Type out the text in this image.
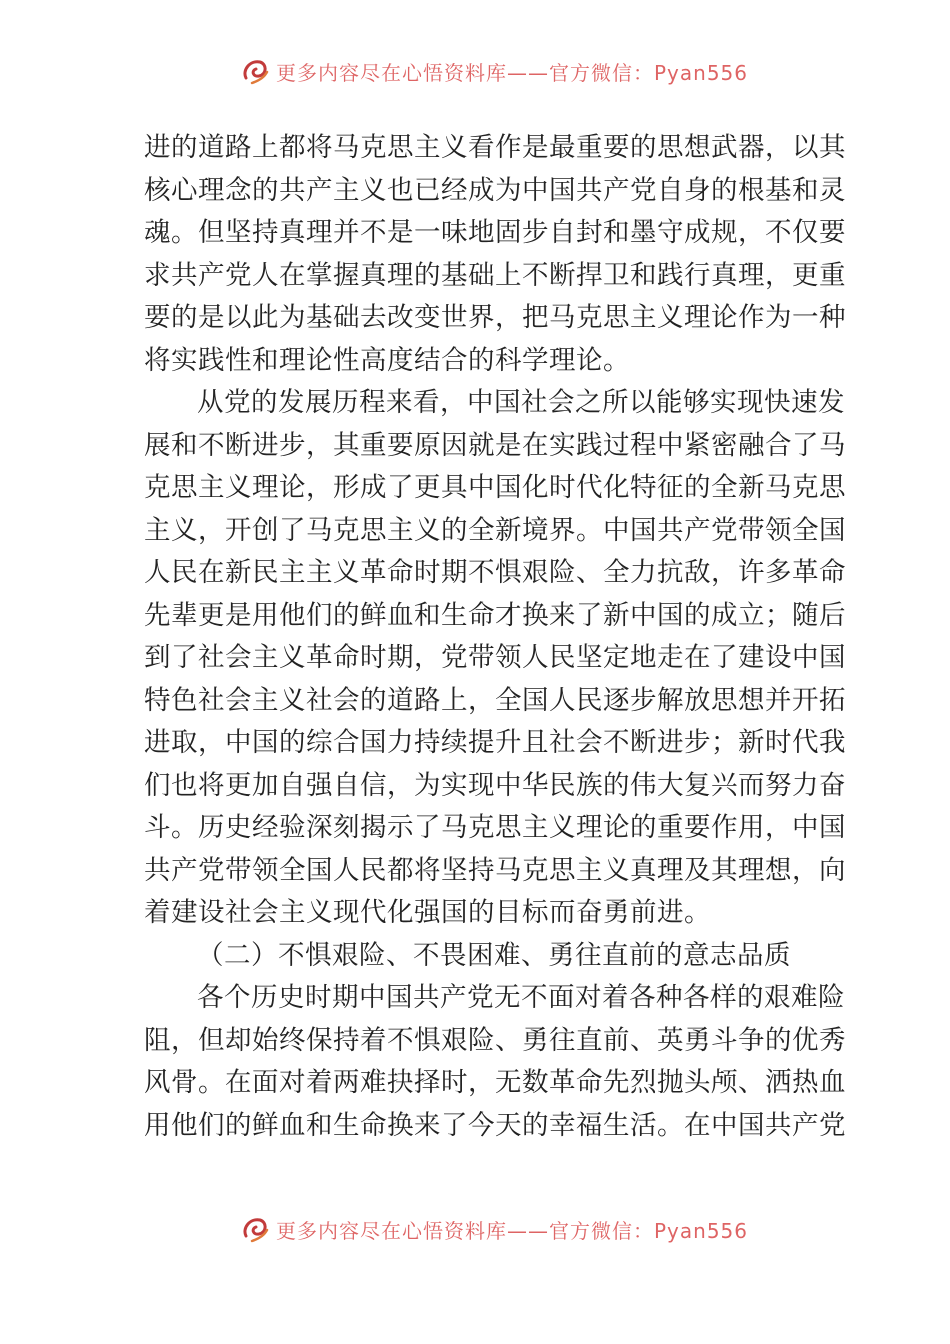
更多内容尽在心悟资料库——官方微信：Pyan556
进的道路上都将马克思主义看作是最重要的思想武器，以其
核心理念的共产主义也已经成为中国共产党自身的根基和灵
魂。但坚持真理并不是一味地固步自封和墨守成规，不仅要
求共产党人在掌握真理的基础上不断捍卫和践行真理，更重
要的是以此为基础去改变世界，把马克思主义理论作为一种
将实践性和理论性高度结合的科学理论。
从党的发展历程来看，中国社会之所以能够实现快速发
展和不断进步，其重要原因就是在实践过程中紧密融合了马
克思主义理论，形成了更具中国化时代化特征的全新马克思
主义，开创了马克思主义的全新境界。中国共产党带领全国
人民在新民主主义革命时期不惧艰险、全力抗敌，许多革命
先辈更是用他们的鲜血和生命才换来了新中国的成立；随后
到了社会主义革命时期，党带领人民坚定地走在了建设中国
特色社会主义社会的道路上，全国人民逐步解放思想并开拓
进取，中国的综合国力持续提升且社会不断进步；新时代我
们也将更加自强自信，为实现中华民族的伟大复兴而努力奋
斗。历史经验深刻揭示了马克思主义理论的重要作用，中国
共产党带领全国人民都将坚持马克思主义真理及其理想，向
着建设社会主义现代化强国的目标而奋勇前进。
（二）不惧艰险、不畏困难、勇往直前的意志品质
各个历史时期中国共产党无不面对着各种各样的艰难险
阻，但却始终保持着不惧艰险、勇往直前、英勇斗争的优秀
风骨。在面对着两难抉择时，无数革命先烈抛头颅、洒热血
用他们的鲜血和生命换来了今天的幸福生活。在中国共产党
更多内容尽在心悟资料库——官方微信：Pyan556
